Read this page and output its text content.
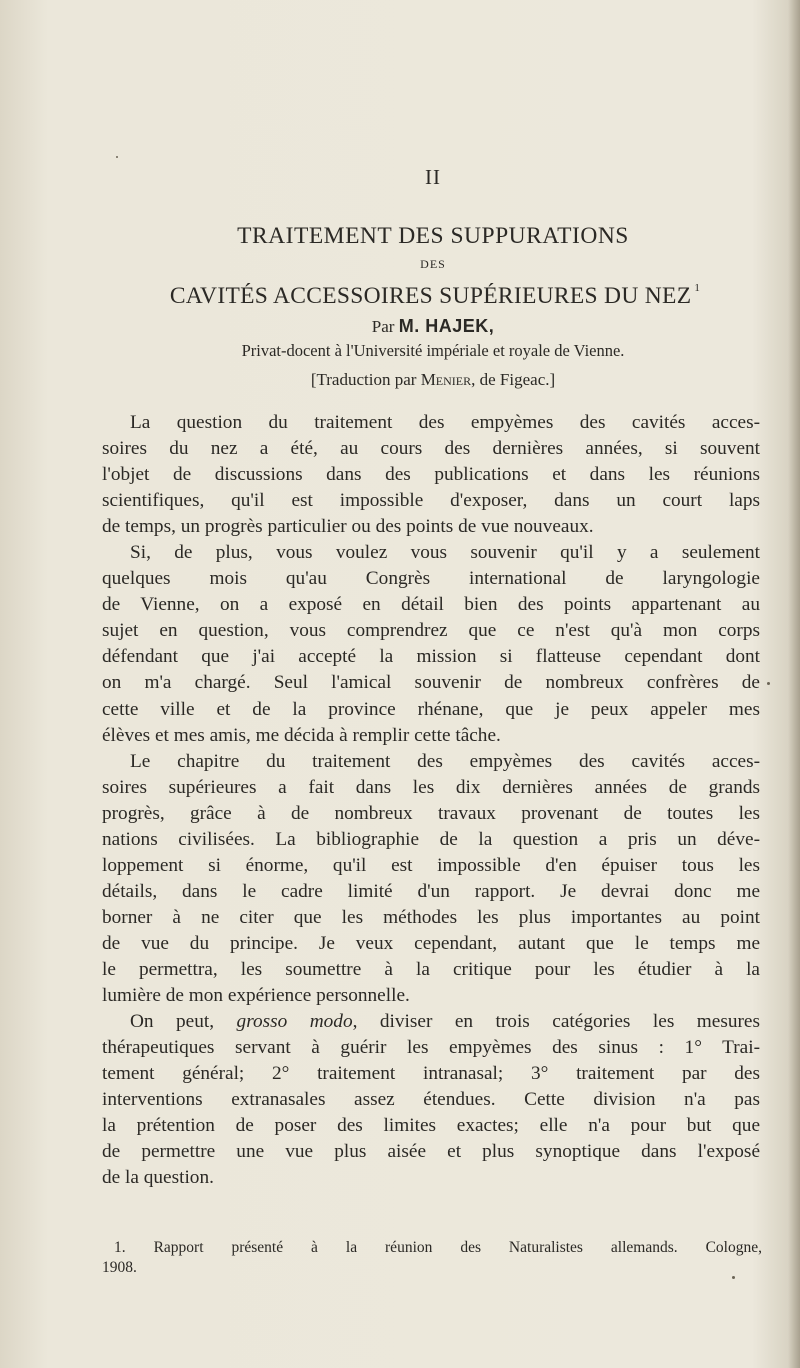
II
TRAITEMENT DES SUPPURATIONS
DES
CAVITÉS ACCESSOIRES SUPÉRIEURES DU NEZ $^1$
Par M. HAJEK,
Privat-docent à l'Université impériale et royale de Vienne.
[Traduction par Menier, de Figeac.]
La question du traitement des empyèmes des cavités acces-
soires du nez a été, au cours des dernières années, si souvent
l'objet de discussions dans des publications et dans les réunions
scientifiques, qu'il est impossible d'exposer, dans un court laps
de temps, un progrès particulier ou des points de vue nouveaux.
Si, de plus, vous voulez vous souvenir qu'il y a seulement
quelques mois qu'au Congrès international de laryngologie
de Vienne, on a exposé en détail bien des points appartenant au
sujet en question, vous comprendrez que ce n'est qu'à mon corps
défendant que j'ai accepté la mission si flatteuse cependant dont
on m'a chargé. Seul l'amical souvenir de nombreux confrères de
cette ville et de la province rhénane, que je peux appeler mes
élèves et mes amis, me décida à remplir cette tâche.
Le chapitre du traitement des empyèmes des cavités acces-
soires supérieures a fait dans les dix dernières années de grands
progrès, grâce à de nombreux travaux provenant de toutes les
nations civilisées. La bibliographie de la question a pris un déve-
loppement si énorme, qu'il est impossible d'en épuiser tous les
détails, dans le cadre limité d'un rapport. Je devrai donc me
borner à ne citer que les méthodes les plus importantes au point
de vue du principe. Je veux cependant, autant que le temps me
le permettra, les soumettre à la critique pour les étudier à la
lumière de mon expérience personnelle.
On peut, grosso modo, diviser en trois catégories les mesures
thérapeutiques servant à guérir les empyèmes des sinus : 1° Trai-
tement général; 2° traitement intranasal; 3° traitement par des
interventions extranasales assez étendues. Cette division n'a pas
la prétention de poser des limites exactes; elle n'a pour but que
de permettre une vue plus aisée et plus synoptique dans l'exposé
de la question.
1. Rapport présenté à la réunion des Naturalistes allemands. Cologne,
1908.
